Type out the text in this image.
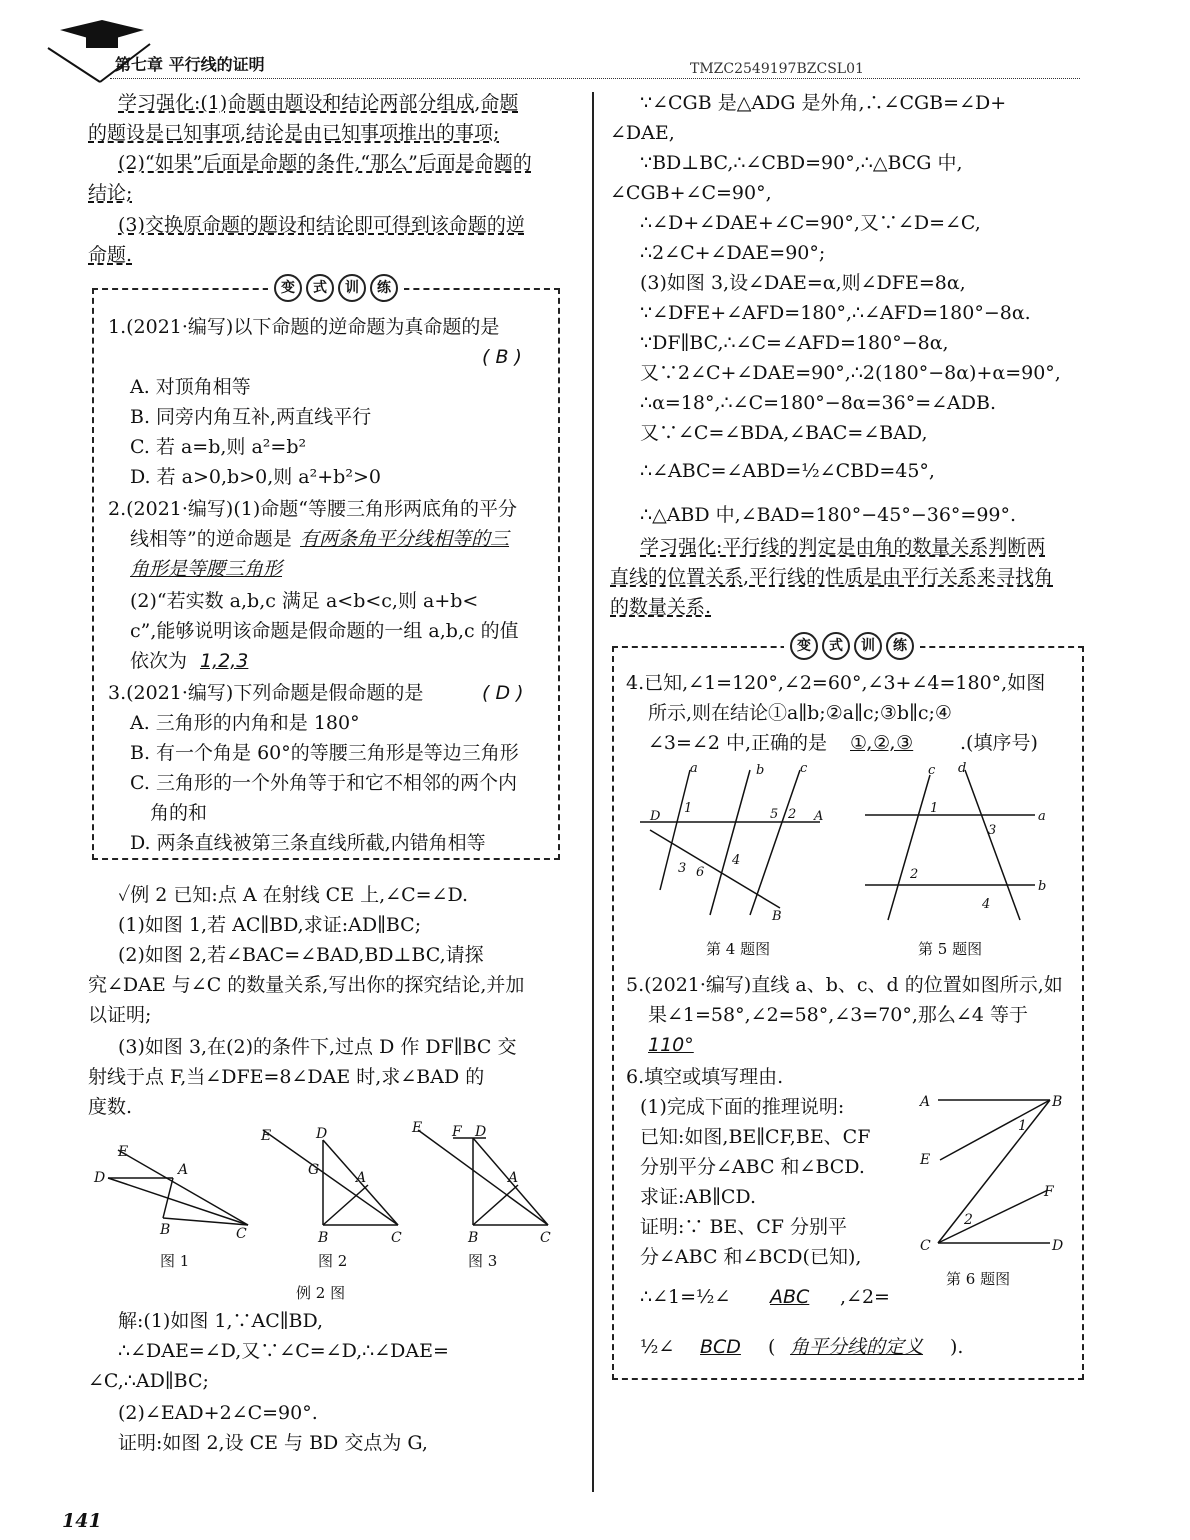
第七章 平行线的证明	TMZC2549197BZCSL01
学习强化:(1)命题由题设和结论两部分组成,命题
的题设是已知事项,结论是由已知事项推出的事项;
(2)“如果”后面是命题的条件,“那么”后面是命题的
结论;
(3)交换原命题的题设和结论即可得到该命题的逆
命题.
变	式	训	练
1.(2021·编写)以下命题的逆命题为真命题的是
( B )
A. 对顶角相等
B. 同旁内角互补,两直线平行
C. 若 a=b,则 a²=b²
D. 若 a>0,b>0,则 a²+b²>0
2.(2021·编写)(1)命题“等腰三角形两底角的平分
线相等”的逆命题是 有两条角平分线相等的三
角形是等腰三角形
(2)“若实数 a,b,c 满足 a<b<c,则 a+b<
c”,能够说明该命题是假命题的一组 a,b,c 的值
依次为 1,2,3
3.(2021·编写)下列命题是假命题的是	( D )
A. 三角形的内角和是 180°
B. 有一个角是 60°的等腰三角形是等边三角形
C. 三角形的一个外角等于和它不相邻的两个内
角的和
D. 两条直线被第三条直线所截,内错角相等
✓例 2 已知:点 A 在射线 CE 上,∠C=∠D.
(1)如图 1,若 AC∥BD,求证:AD∥BC;
(2)如图 2,若∠BAC=∠BAD,BD⊥BC,请探
究∠DAE 与∠C 的数量关系,写出你的探究结论,并加
以证明;
(3)如图 3,在(2)的条件下,过点 D 作 DF∥BC 交
射线于点 F,当∠DFE=8∠DAE 时,求∠BAD 的
度数.
E
D	A
B	C
E	D
G	A
B	C
E F D
A
B	C
图 1	图 2	图 3
例 2 图
解:(1)如图 1,∵AC∥BD,
∴∠DAE=∠D,又∵∠C=∠D,∴∠DAE=
∠C,∴AD∥BC;
(2)∠EAD+2∠C=90°.
证明:如图 2,设 CE 与 BD 交点为 G,
∵∠CGB 是△ADG 是外角,∴∠CGB=∠D+
∠DAE,
∵BD⊥BC,∴∠CBD=90°,∴△BCG 中,
∠CGB+∠C=90°,
∴∠D+∠DAE+∠C=90°,又∵∠D=∠C,
∴2∠C+∠DAE=90°;
(3)如图 3,设∠DAE=α,则∠DFE=8α,
∵∠DFE+∠AFD=180°,∴∠AFD=180°−8α.
∵DF∥BC,∴∠C=∠AFD=180°−8α,
又∵2∠C+∠DAE=90°,∴2(180°−8α)+α=90°,
∴α=18°,∴∠C=180°−8α=36°=∠ADB.
又∵∠C=∠BDA,∠BAC=∠BAD,
∴∠ABC=∠ABD=½∠CBD=45°,
∴△ABD 中,∠BAD=180°−45°−36°=99°.
学习强化:平行线的判定是由角的数量关系判断两
直线的位置关系,平行线的性质是由平行关系来寻找角
的数量关系.
变	式	训	练
4.已知,∠1=120°,∠2=60°,∠3+∠4=180°,如图
所示,则在结论①a∥b;②a∥c;③b∥c;④
∠3=∠2 中,正确的是 ①,②,③ .(填序号)
a	b	c
D	A
B
1	5 2
3 6
4
c d
1
3
a
2
4
b
第 4 题图	第 5 题图
5.(2021·编写)直线 a、b、c、d 的位置如图所示,如
果∠1=58°,∠2=58°,∠3=70°,那么∠4 等于
110°
6.填空或填写理由.
(1)完成下面的推理说明:
已知:如图,BE∥CF,BE、CF
分别平分∠ABC 和∠BCD.
求证:AB∥CD.
证明:∵ BE、CF 分别平
分∠ABC 和∠BCD(已知),
∴∠1=½∠ ABC ,∠2=
½∠ BCD ( 角平分线的定义 ).
A	B
E
1
F
2
C	D
第 6 题图
141
